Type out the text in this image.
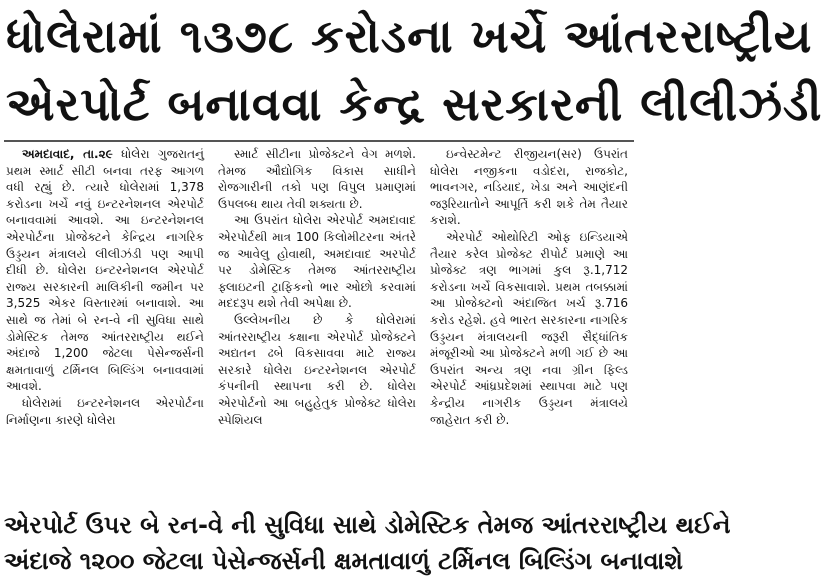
ધોલેરામાં ૧૩૭૮ કરોડના ખર્ચે આંતરરાષ્ટ્રીય
એરપોર્ટ બનાવવા કેન્દ્ર સરકારની લીલીઝંડી

અમદાવાદ, તા.૨૯ ધોલેરા ગુજરાતનું પ્રથમ સ્માર્ટ સીટી બનવા તરફ આગળ વધી રહ્યું છે. ત્યારે ધોલેરામાં 1,378 કરોડના ખર્ચે નવું ઇન્ટરનેશનલ એરપોર્ટ બનાવવામાં આવશે. આ ઇન્ટરનેશનલ એરપોર્ટના પ્રોજેક્ટને કેન્દ્રિય નાગરિક ઉડ્ડયન મંત્રાલયે લીલીઝંડી પણ આપી દીધી છે. ધોલેરા ઇન્ટરનેશનલ એરપોર્ટ રાજ્ય સરકારની માલિકીની જમીન પર 3,525 એકર વિસ્તારમાં બનાવાશે. આ સાથે જ તેમાં બે રન-વે ની સુવિધા સાથે ડોમેસ્ટિક તેમજ આંતરરાષ્ટ્રીય થઈને અંદાજે 1,200 જેટલા પેસેન્જર્સની ક્ષમતાવાળું ટર્મિનલ બિલ્ડિંગ બનાવવામાં આવશે.

ધોલેરામાં ઇન્ટરનેશનલ એરપોર્ટના નિર્માણના કારણે ધોલેરા

સ્માર્ટ સીટીના પ્રોજેક્ટને વેગ મળશે. તેમજ ઔદ્યોગિક વિકાસ સાધીને રોજગારીની તકો પણ વિપુલ પ્રમાણમાં ઉપલબ્ધ થાય તેવી શક્યતા છે.

આ ઉપરાંત ધોલેરા એરપોર્ટ અમદાવાદ એરપોર્ટથી માત્ર 100 કિલોમીટરના અંતરે જ આવેલુ હોવાથી, અમદાવાદ અરપોર્ટ પર ડોમેસ્ટિક તેમજ આંતરરાષ્ટ્રીય ફ્લાઇટની ટ્રાફિકનો ભાર ઓછો કરવામાં મદદરૂપ થશે તેવી અપેક્ષા છે.

ઉલ્લેખનીય છે કે ધોલેરામાં આંતરરાષ્ટ્રીય કક્ષાના એરપોર્ટ પ્રોજેક્ટને અદ્યતન ઢબે વિકસાવવા માટે રાજ્ય સરકારે ધોલેરા ઇન્ટરનેશનલ એરપોર્ટ કંપનીની સ્થાપના કરી છે. ધોલેરા એરપોર્ટનો આ બહુહેતુક પ્રોજેક્ટ ધોલેરા સ્પેશિયલ

ઇન્વેસ્ટમેન્ટ રીજીયન(સર) ઉપરાંત ધોલેરા નજીકના વડોદરા, રાજકોટ, ભાવનગર, નડિયાદ, ખેડા અને આણંદની જરૂરિયાતોને આપૂર્તિ કરી શકે તેમ તૈયાર કરાશે.

એરપોર્ટ ઓથોરિટી ઓફ ઇન્ડિયાએ તૈયાર કરેલ પ્રોજેક્ટ રીપોર્ટ પ્રમાણે આ પ્રોજેક્ટ ત્રણ ભાગમાં કુલ રૂ.1,712 કરોડના ખર્ચે વિકસાવાશે. પ્રથમ તબક્કામાં આ પ્રોજેક્ટનો અંદાજિત ખર્ચ રૂ.716 કરોડ રહેશે. હવે ભારત સરકારના નાગરિક ઉડ્ડયન મંત્રાલયની જરૂરી સૈદ્ધાંતિક મંજૂરીઓ આ પ્રોજેક્ટને મળી ગઈ છે આ ઉપરાંત અન્ય ત્રણ નવા ગ્રીન ફિલ્ડ એરપોર્ટ આંધ્રપ્રદેશમાં સ્થાપવા માટે પણ કેન્દ્રીય નાગરીક ઉડ્ડયન મંત્રાલયે જાહેરાત કરી છે.

એરપોર્ટ ઉપર બે રન-વે ની સુવિધા સાથે ડોમેસ્ટિક તેમજ આંતરરાષ્ટ્રીય થઈને
અંદાજે ૧૨૦૦ જેટલા પેસેન્જર્સની ક્ષમતાવાળું ટર્મિનલ બિલ્ડિંગ બનાવાશે
